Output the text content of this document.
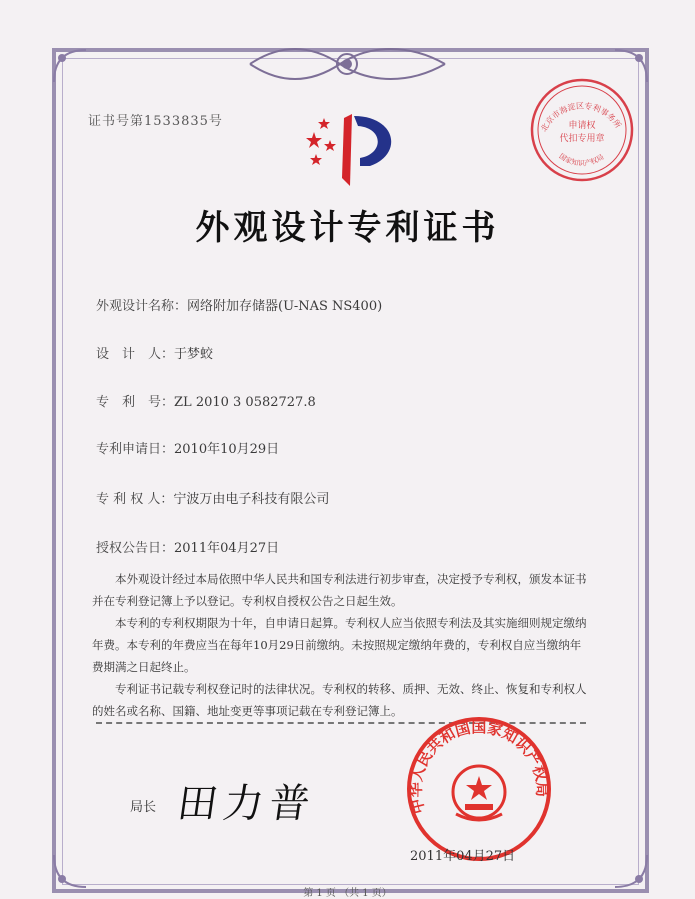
证书号第1533835号	北京市海淀区专利事务所
申请权
代扣专用章
国家知识产权局
外观设计专利证书
外观设计名称：网络附加存储器(U-NAS NS400)
设　计　人：于梦蛟
专　利　号：ZL 2010 3 0582727.8
专利申请日：2010年10月29日
专 利 权 人：宁波万由电子科技有限公司
授权公告日：2011年04月27日

本外观设计经过本局依照中华人民共和国专利法进行初步审查，决定授予专利权，颁发本证书并在专利登记簿上予以登记。专利权自授权公告之日起生效。

本专利的专利权期限为十年，自申请日起算。专利权人应当依照专利法及其实施细则规定缴纳年费。本专利的年费应当在每年10月29日前缴纳。未按照规定缴纳年费的，专利权自应当缴纳年费期满之日起终止。

专利证书记载专利权登记时的法律状况。专利权的转移、质押、无效、终止、恢复和专利权人的姓名或名称、国籍、地址变更等事项记载在专利登记簿上。

局长 田力普	中华人民共和国国家知识产权局
2011年04月27日
第 1 页 （共 1 页）
